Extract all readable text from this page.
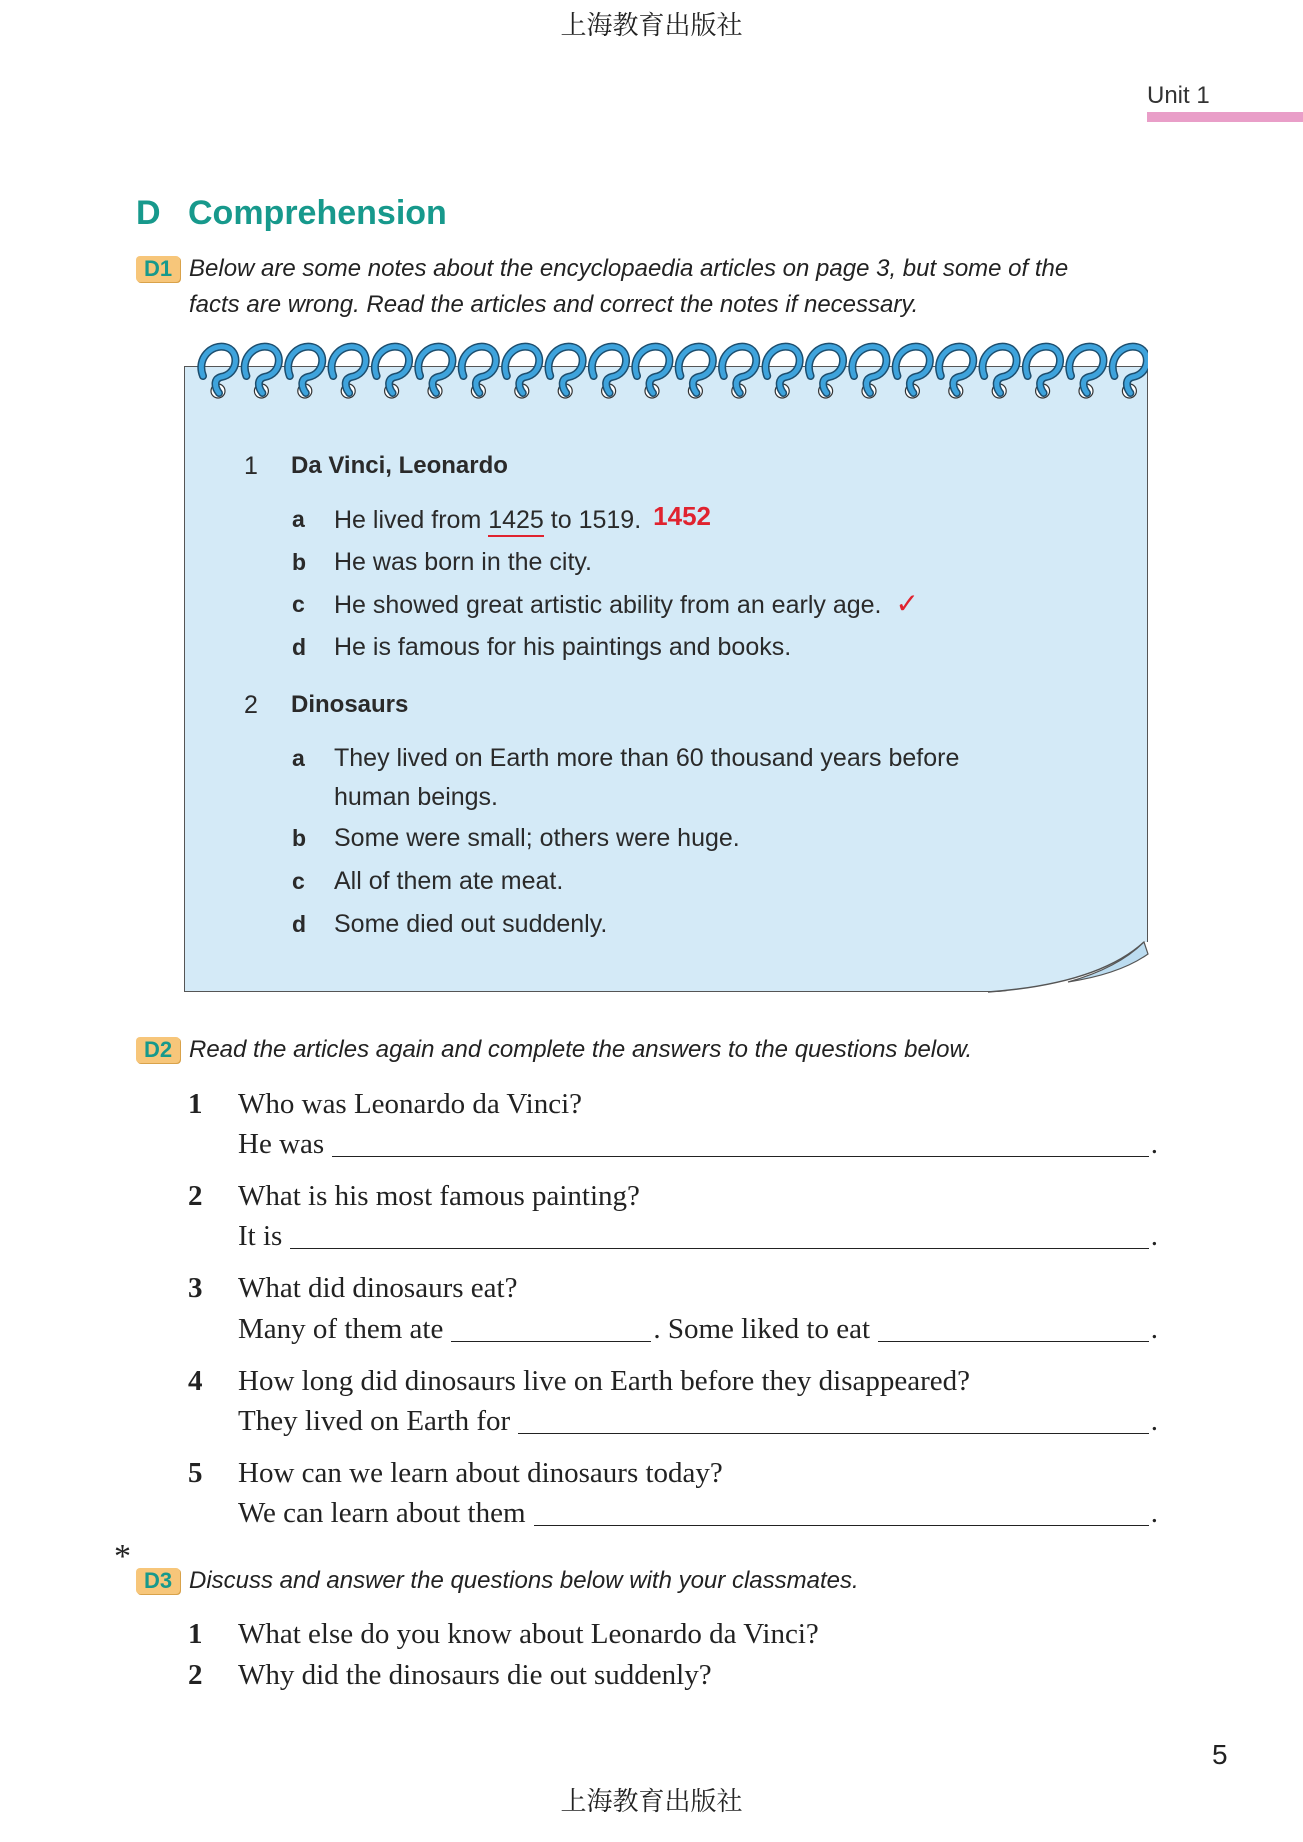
上海教育出版社
Unit 1
D Comprehension
D1 Below are some notes about the encyclopaedia articles on page 3, but some of the
facts are wrong. Read the articles and correct the notes if necessary.
1 Da Vinci, Leonardo
a He lived from 1425 to 1519. 1452
b He was born in the city.
c He showed great artistic ability from an early age. ✓
d He is famous for his paintings and books.
2 Dinosaurs
a They lived on Earth more than 60 thousand years before
human beings.
b Some were small; others were huge.
c All of them ate meat.
d Some died out suddenly.
D2 Read the articles again and complete the answers to the questions below.
1 Who was Leonardo da Vinci?
He was	.
2 What is his most famous painting?
It is	.
3 What did dinosaurs eat?
Many of them ate	. Some liked to eat	.
4 How long did dinosaurs live on Earth before they disappeared?
They lived on Earth for	.
5 How can we learn about dinosaurs today?
We can learn about them	.
*
D3 Discuss and answer the questions below with your classmates.
1 What else do you know about Leonardo da Vinci?
2 Why did the dinosaurs die out suddenly?
5
上海教育出版社
